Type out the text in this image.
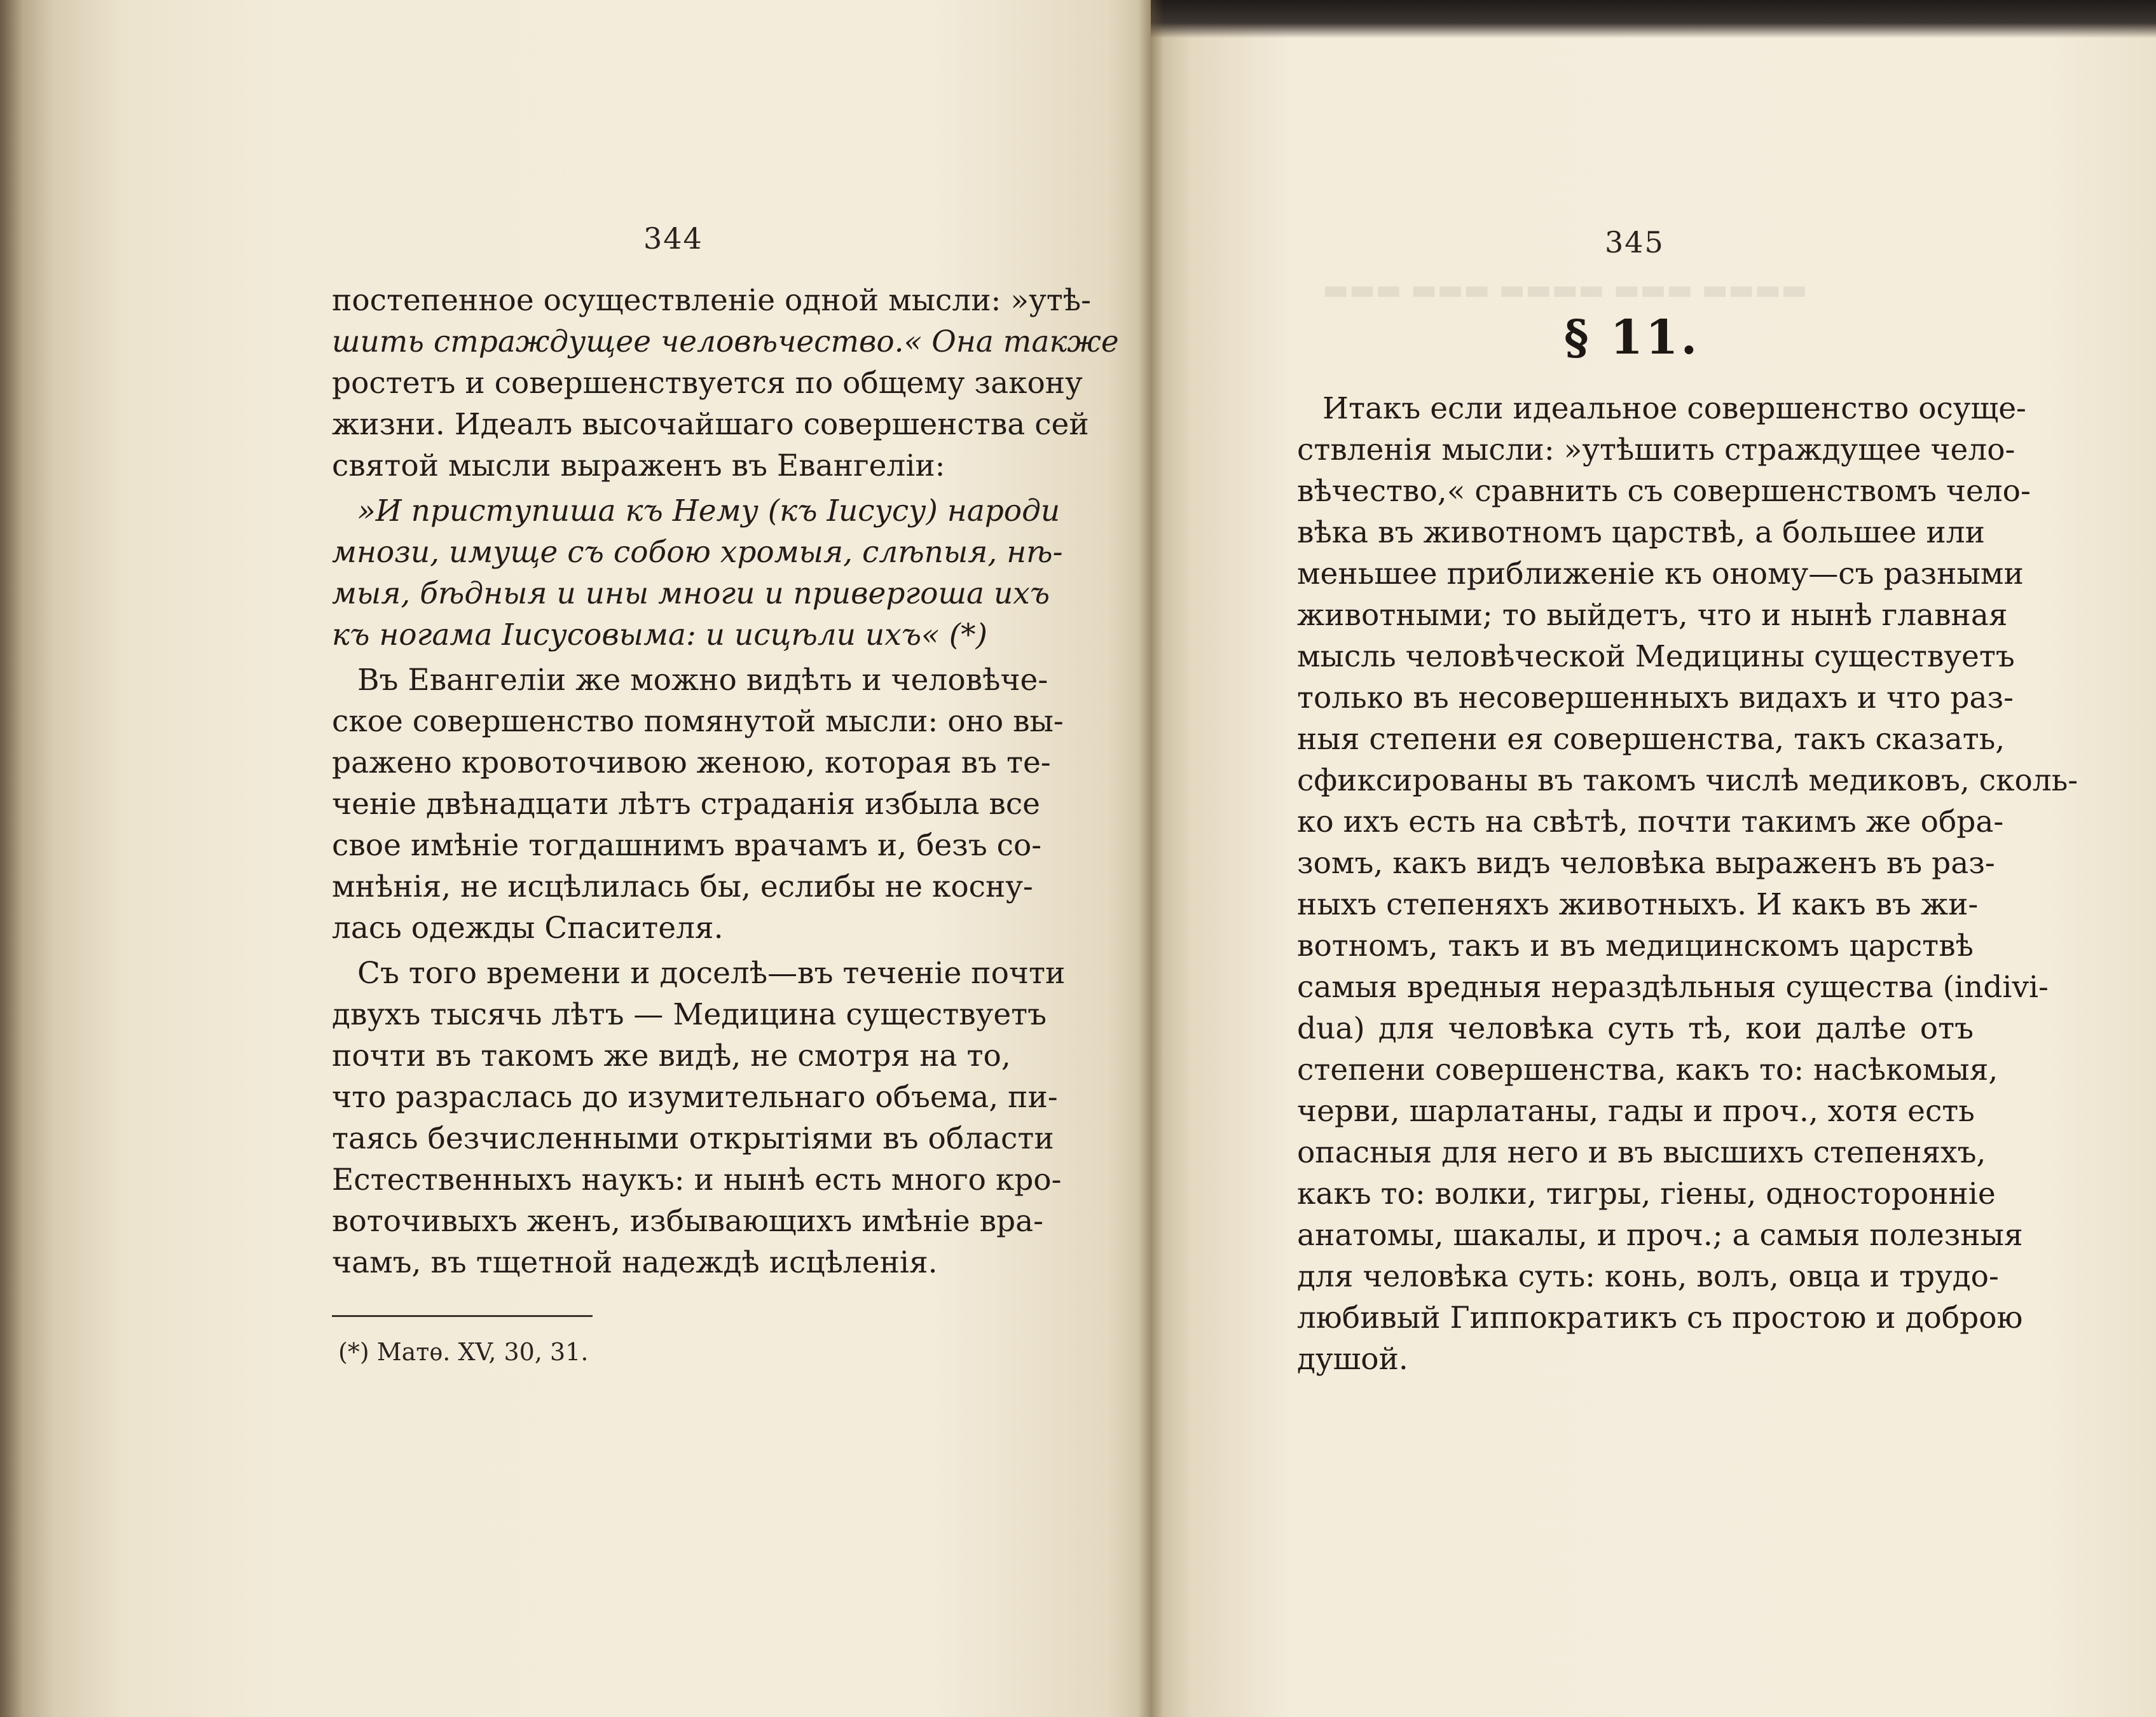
▬▬▬ ▬▬▬ ▬▬▬▬ ▬▬▬ ▬▬▬▬
344
постепенное осуществленіе одной мысли: »утѣ-
шить страждущее человѣчество.« Она также
ростетъ и совершенствуется по общему закону
жизни. Идеалъ высочайшаго совершенства сей
святой мысли выраженъ въ Евангеліи:
»И приступиша къ Нему (къ Іисусу) народи
мнози, имуще съ собою хромыя, слѣпыя, нѣ-
мыя, бѣдныя и ины многи и привергоша ихъ
къ ногама Іисусовымa: и исцѣли ихъ« (*)
Въ Евангеліи же можно видѣть и человѣче-
ское совершенство помянутой мысли: оно вы-
ражено кровоточивою женою, которая въ те-
ченіе двѣнадцати лѣтъ страданія избыла все
свое имѣніе тогдашнимъ врачамъ и, безъ со-
мнѣнія, не исцѣлилась бы, еслибы не косну-
лась одежды Спасителя.
Съ того времени и доселѣ—въ теченіе почти
двухъ тысячь лѣтъ — Медицина существуетъ
почти въ такомъ же видѣ, не смотря на то,
что разраслась до изумительнаго объема, пи-
таясь безчисленными открытіями въ области
Естественныхъ наукъ: и нынѣ есть много кро-
воточивыхъ женъ, избывающихъ имѣніе вра-
чамъ, въ тщетной надеждѣ исцѣленія.
(*) Матѳ. XV, 30, 31.
345
§ 11.
Итакъ если идеальное совершенство осуще-
ствленія мысли: »утѣшить страждущее чело-
вѣчество,« сравнить съ совершенствомъ чело-
вѣка въ животномъ царствѣ, а большее или
меньшее приближеніе къ оному—съ разными
животными; то выйдетъ, что и нынѣ главная
мысль человѣческой Медицины существуетъ
только въ несовершенныхъ видахъ и что раз-
ныя степени ея совершенства, такъ сказать,
сфиксированы въ такомъ числѣ медиковъ, сколь-
ко ихъ есть на свѣтѣ, почти такимъ же обра-
зомъ, какъ видъ человѣка выраженъ въ раз-
ныхъ степеняхъ животныхъ. И какъ въ жи-
вотномъ, такъ и въ медицинскомъ царствѣ
самыя вредныя нераздѣльныя существа (indivi-
dua) для человѣка суть тѣ, кои далѣе отъ
степени совершенства, какъ то: насѣкомыя,
черви, шарлатаны, гады и проч., хотя есть
опасныя для него и въ высшихъ степеняхъ,
какъ то: волки, тигры, гіены, односторонніе
анатомы, шакалы, и проч.; а самыя полезныя
для человѣка суть: конь, волъ, овца и трудо-
любивый Гиппократикъ съ простою и доброю
душой.
